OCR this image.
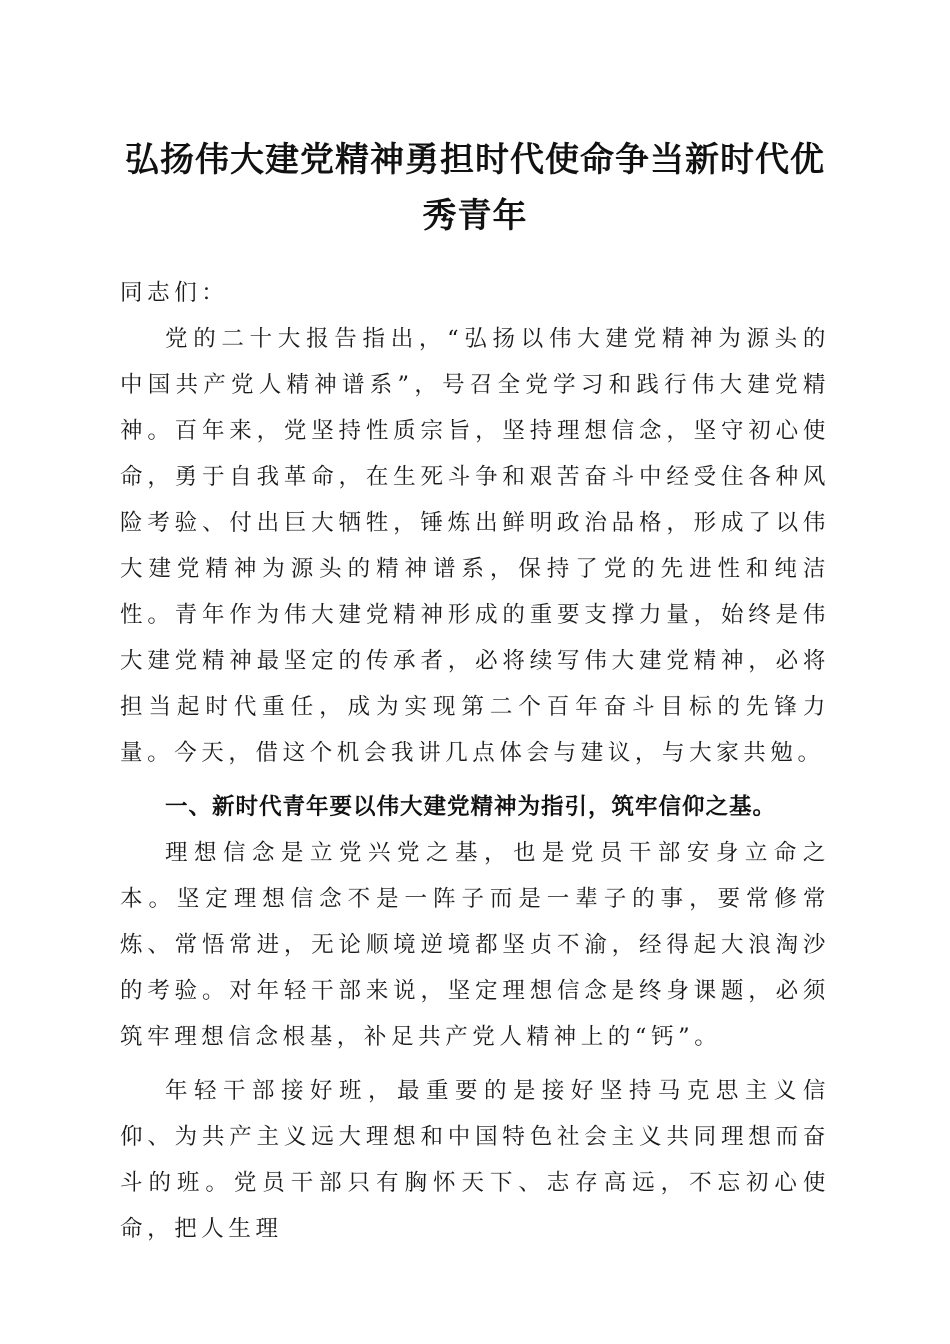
弘扬伟大建党精神勇担时代使命争当新时代优秀青年

同志们：

党的二十大报告指出，“弘扬以伟大建党精神为源头的中国共产党人精神谱系”，号召全党学习和践行伟大建党精神。百年来，党坚持性质宗旨，坚持理想信念，坚守初心使命，勇于自我革命，在生死斗争和艰苦奋斗中经受住各种风险考验、付出巨大牺牲，锤炼出鲜明政治品格，形成了以伟大建党精神为源头的精神谱系，保持了党的先进性和纯洁性。青年作为伟大建党精神形成的重要支撑力量，始终是伟大建党精神最坚定的传承者，必将续写伟大建党精神，必将担当起时代重任，成为实现第二个百年奋斗目标的先锋力量。今天，借这个机会我讲几点体会与建议，与大家共勉。

一、新时代青年要以伟大建党精神为指引，筑牢信仰之基。

理想信念是立党兴党之基，也是党员干部安身立命之本。坚定理想信念不是一阵子而是一辈子的事，要常修常炼、常悟常进，无论顺境逆境都坚贞不渝，经得起大浪淘沙的考验。对年轻干部来说，坚定理想信念是终身课题，必须筑牢理想信念根基，补足共产党人精神上的“钙”。

年轻干部接好班，最重要的是接好坚持马克思主义信仰、为共产主义远大理想和中国特色社会主义共同理想而奋斗的班。党员干部只有胸怀天下、志存高远，不忘初心使命，把人生理
